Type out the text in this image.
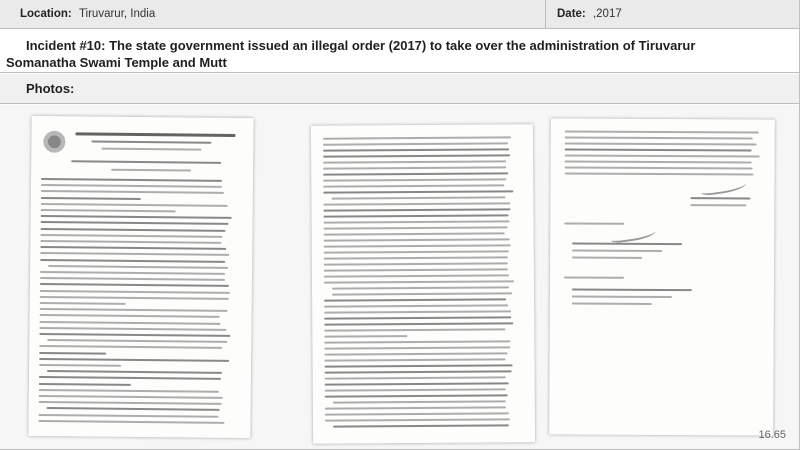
Location: Tiruvarur, India	Date: ,2017
Incident #10: The state government issued an illegal order (2017) to take over the administration of Tiruvarur
Somanatha Swami Temple and Mutt
Photos:
16.65
